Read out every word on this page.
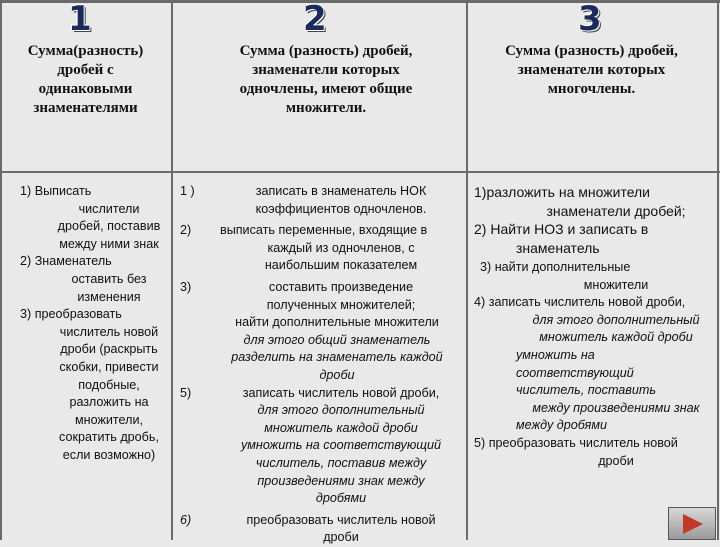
1
Сумма(разность)
дробей с
одинаковыми
знаменателями
2
Сумма (разность) дробей,
знаменатели которых
одночлены, имеют общие
множители.
3
Сумма (разность) дробей,
знаменатели которых
многочлены.
1) Выписать
числители
дробей, поставив
между ними знак
2) Знаменатель
оставить без
изменения
3) преобразовать
числитель новой
дроби (раскрыть
скобки, привести
подобные,
разложить на
множители,
сократить дробь,
если возможно)
1 )	записать в знаменатель НОК
коэффициентов одночленов.
2) выписать переменные, входящие в
каждый из одночленов, с
наибольшим показателем
3)	составить произведение
полученных множителей;
найти дополнительные множители
для этого общий знаменатель
разделить на знаменатель каждой
дроби
5)	записать числитель новой дроби,
для этого дополнительный
множитель каждой дроби
умножить на соответствующий
числитель, поставив между
произведениями знак между
дробями
6)	преобразовать числитель новой
дроби
1)разложить на множители
знаменатели дробей;
2) Найти НОЗ и записать в
знаменатель
3) найти дополнительные
множители
4) записать числитель новой дроби,
для этого дополнительный
множитель каждой дроби
умножить на
соответствующий
числитель, поставить
между произведениями знак
между дробями
5) преобразовать числитель новой
дроби
